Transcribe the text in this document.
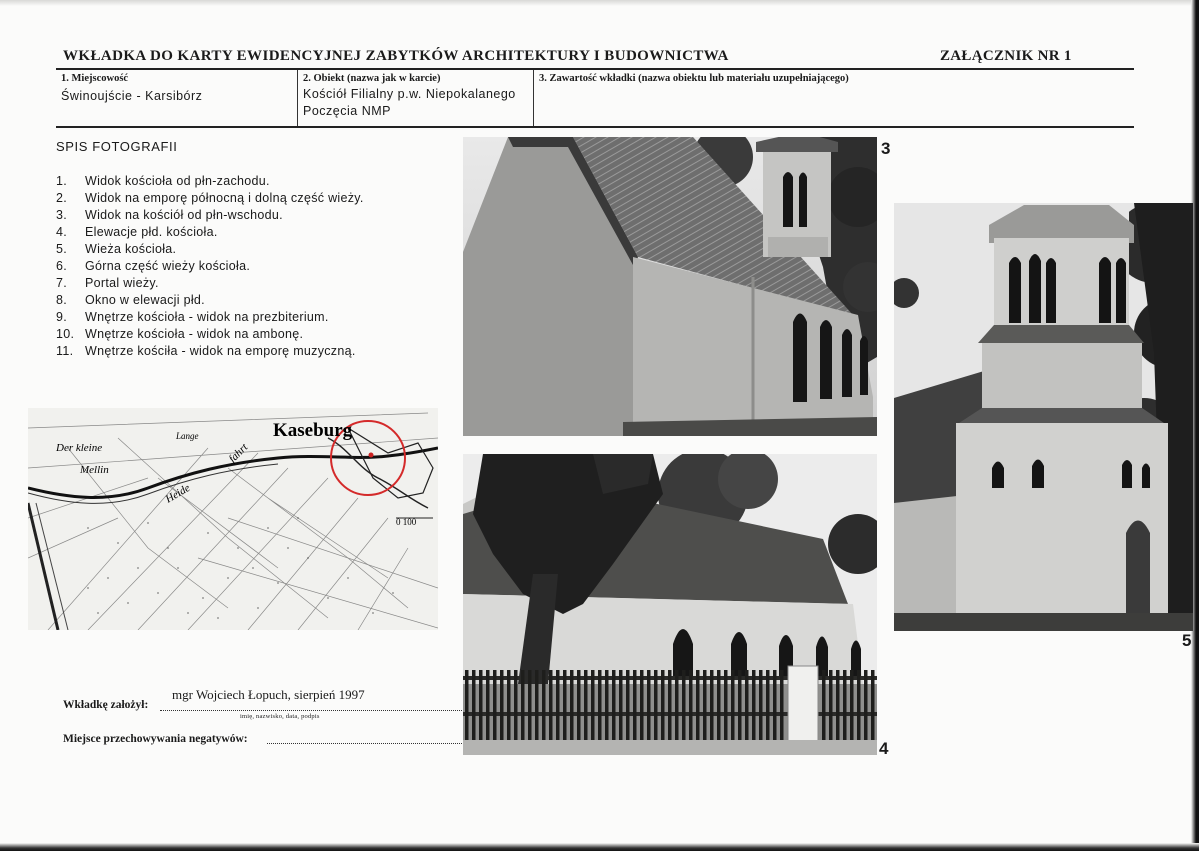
WKŁADKA DO KARTY EWIDENCYJNEJ ZABYTKÓW ARCHITEKTURY I BUDOWNICTWA	ZAŁĄCZNIK NR 1
1. Miejscowość
Świnoujście - Karsibórz
2. Obiekt (nazwa jak w karcie)
Kościół Filialny p.w. Niepokalanego
Poczęcia NMP
3. Zawartość wkładki (nazwa obiektu lub materiału uzupełniającego)
SPIS FOTOGRAFII
1.	Widok kościoła od płn-zachodu.
2.	Widok na emporę północną i dolną część wieży.
3.	Widok na kościół od płn-wschodu.
4.	Elewacje płd. kościoła.
5.	Wieża kościoła.
6.	Górna część wieży kościoła.
7.	Portal wieży.
8.	Okno w elewacji płd.
9.	Wnętrze kościoła - widok na prezbiterium.
10. Wnętrze kościoła - widok na ambonę.
11. Wnętrze kościła - widok na emporę muzyczną.
Kaseburg
Der kleine
Mellin
Lange
Heide
fahrt
0 100
3
4
5
mgr Wojciech Łopuch, sierpień 1997
Wkładkę założył:
imię, nazwisko, data, podpis
Miejsce przechowywania negatywów:
